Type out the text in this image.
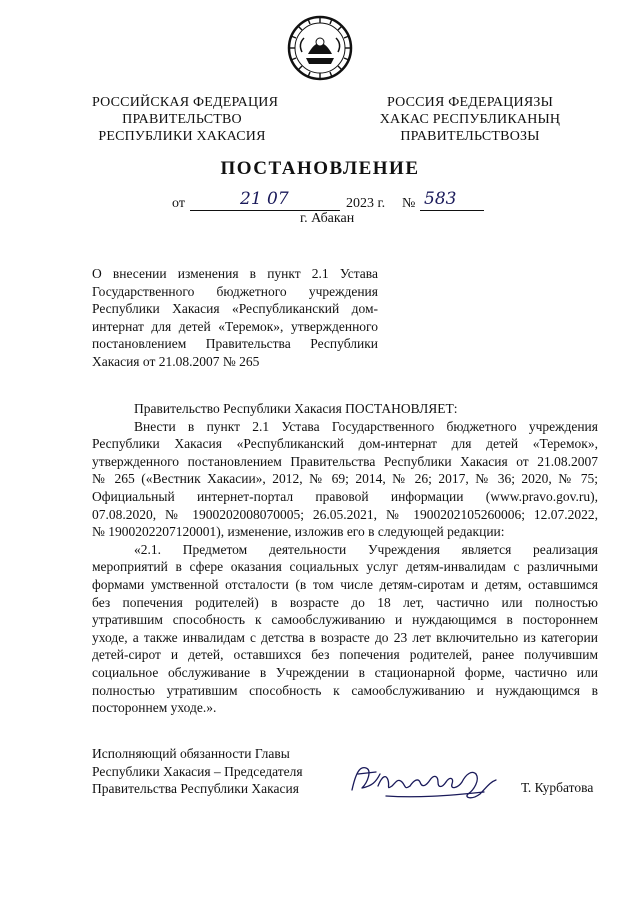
РОССИЙСКАЯ ФЕДЕРАЦИЯ
ПРАВИТЕЛЬСТВО
РЕСПУБЛИКИ ХАКАСИЯ
РОССИЯ ФЕДЕРАЦИЯЗЫ
ХАКАС РЕСПУБЛИКАНЫҢ
ПРАВИТЕЛЬСТВОЗЫ
ПОСТАНОВЛЕНИЕ
от	21 07	2023 г. № 583
г. Абакан
О внесении изменения в пункт 2.1 Устава
Государственного бюджетного учреждения
Республики Хакасия «Республиканский дом-
интернат для детей «Теремок», утвержденного
постановлением Правительства Республики
Хакасия от 21.08.2007 № 265
Правительство Республики Хакасия ПОСТАНОВЛЯЕТ:
Внести в пункт 2.1 Устава Государственного бюджетного учреждения
Республики Хакасия «Республиканский дом-интернат для детей «Теремок»,
утвержденного постановлением Правительства Республики Хакасия от 21.08.2007
№ 265 («Вестник Хакасии», 2012, № 69; 2014, № 26; 2017, № 36; 2020, № 75;
Официальный интернет-портал правовой информации (www.pravo.gov.ru),
07.08.2020, № 1900202008070005; 26.05.2021, № 1900202105260006; 12.07.2022,
№ 1900202207120001), изменение, изложив его в следующей редакции:
«2.1. Предметом деятельности Учреждения является реализация
мероприятий в сфере оказания социальных услуг детям-инвалидам с различными
формами умственной отсталости (в том числе детям-сиротам и детям, оставшимся
без попечения родителей) в возрасте до 18 лет, частично или полностью
утратившим способность к самообслуживанию и нуждающимся в постороннем
уходе, а также инвалидам с детства в возрасте до 23 лет включительно из категории
детей-сирот и детей, оставшихся без попечения родителей, ранее получившим
социальное обслуживание в Учреждении в стационарной форме, частично или
полностью утратившим способность к самообслуживанию и нуждающимся в
постороннем уходе.».
Исполняющий обязанности Главы
Республики Хакасия – Председателя
Правительства Республики Хакасия	Т. Курбатова
